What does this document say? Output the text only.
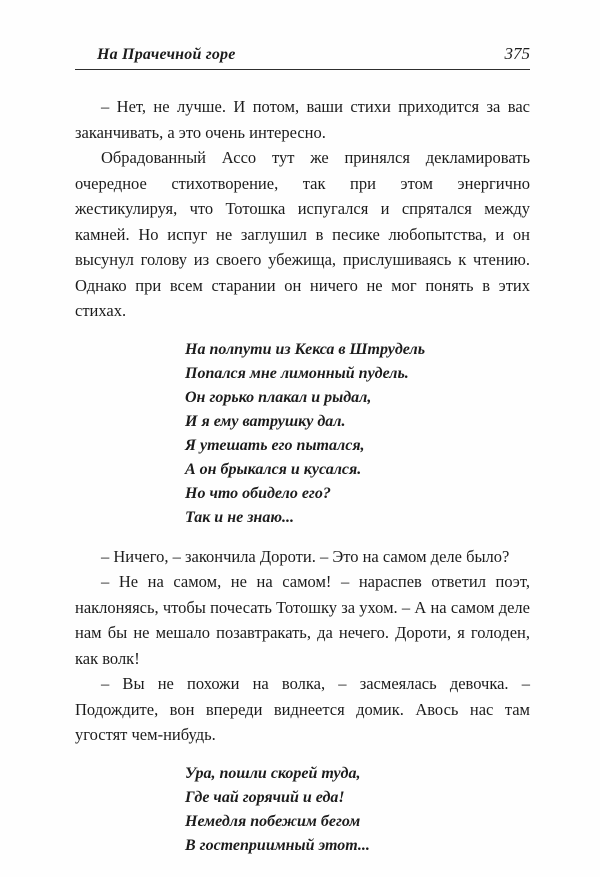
На Прачечной горе	375

– Нет, не лучше. И потом, ваши стихи приходится за вас заканчивать, а это очень интересно.

Обрадованный Ассо тут же принялся декламировать очередное стихотворение, так при этом энергично жестикулируя, что Тотошка испугался и спрятался между камней. Но испуг не заглушил в песике любопытства, и он высунул голову из своего убежища, прислушиваясь к чтению. Однако при всем старании он ничего не мог понять в этих стихах.

На полпути из Кекса в Штрудель
Попался мне лимонный пудель.
Он горько плакал и рыдал,
И я ему ватрушку дал.
Я утешать его пытался,
А он брыкался и кусался.
Но что обидело его?
Так и не знаю...

– Ничего, – закончила Дороти. – Это на самом деле было?

– Не на самом, не на самом! – нараспев ответил поэт, наклоняясь, чтобы почесать Тотошку за ухом. – А на самом деле нам бы не мешало позавтракать, да нечего. Дороти, я голоден, как волк!

– Вы не похожи на волка, – засмеялась девочка. – Подождите, вон впереди виднеется домик. Авось нас там угостят чем-нибудь.

Ура, пошли скорей туда,
Где чай горячий и еда!
Немедля побежим бегом
В гостеприимный этот...
